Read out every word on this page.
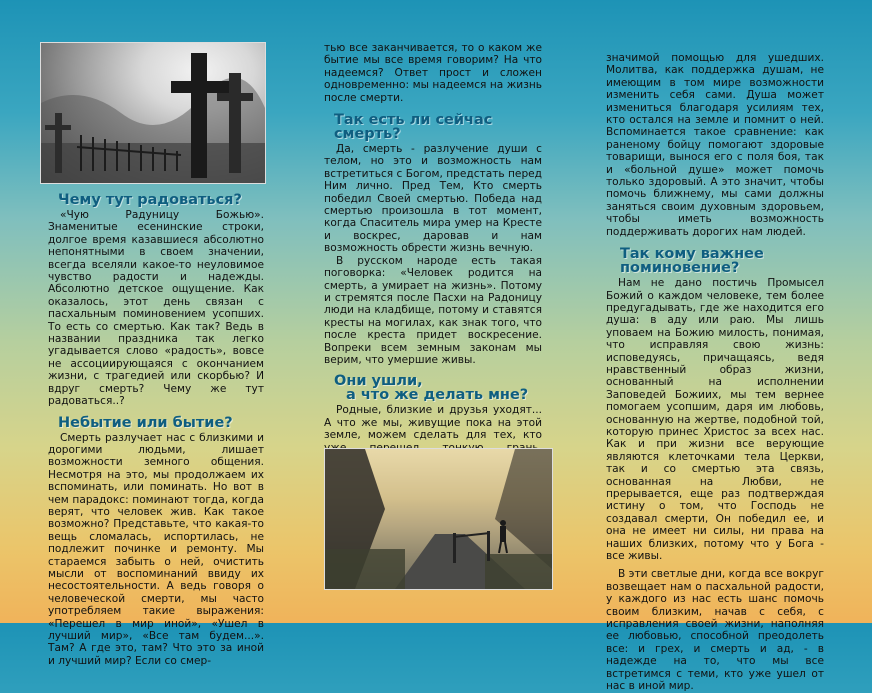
Чему тут радоваться?

«Чую Радуницу Божью». Знаменитые есенинские строки, долгое время казавшиеся абсолютно непонятными в своем значении, всегда вселяли какое-то неуловимое чувство радости и надежды. Абсолютно детское ощущение. Как оказалось, этот день связан с пасхальным поминовением усопших. То есть со смертью. Как так? Ведь в названии праздника так легко угадывается слово «радость», вовсе не ассоциирующаяся с окончанием жизни, с трагедией или скорбью? И вдруг смерть? Чему же тут радоваться..?

Небытие или бытие?

Смерть разлучает нас с близкими и дорогими людьми, лишает возможности земного общения. Несмотря на это, мы продолжаем их вспоминать, или поминать. Но вот в чем парадокс: поминают тогда, когда верят, что человек жив. Как такое возможно? Представьте, что какая-то вещь сломалась, испортилась, не подлежит починке и ремонту. Мы стараемся забыть о ней, очистить мысли от воспоминаний ввиду их несостоятельности. А ведь говоря о человеческой смерти, мы часто употребляем такие выражения: «Перешел в мир иной», «Ушел в лучший мир», «Все там будем...». Там? А где это, там? Что это за иной и лучший мир? Если со смер-

тью все заканчивается, то о каком же бытие мы все время говорим? На что надеемся? Ответ прост и сложен одновременно: мы надеемся на жизнь после смерти.

Так есть ли сейчас смерть?

Да, смерть - разлучение души с телом, но это и возможность нам встретиться с Богом, предстать перед Ним лично. Пред Тем, Кто смерть победил Своей смертью. Победа над смертью произошла в тот момент, когда Спаситель мира умер на Кресте и воскрес, даровав и нам возможность обрести жизнь вечную.

В русском народе есть такая поговорка: «Человек родится на смерть, а умирает на жизнь». Потому и стремятся после Пасхи на Радоницу люди на кладбище, потому и ставятся кресты на могилах, как знак того, что после креста придет воскресение. Вопреки всем земным законам мы верим, что умершие живы.

Они ушли,
а что же делать мне?

Родные, близкие и друзья уходят... А что же мы, живущие пока на этой земле, можем сделать для тех, кто

значимой помощью для ушедших. Молитва, как поддержка душам, не имеющим в том мире возможности изменить себя сами. Душа может измениться благодаря усилиям тех, кто остался на земле и помнит о ней. Вспоминается такое сравнение: как раненому бойцу помогают здоровые товарищи, вынося его с поля боя, так и «больной душе» может помочь только здоровый. А это значит, чтобы помочь ближнему, мы сами должны заняться своим духовным здоровьем, чтобы иметь возможность поддерживать дорогих нам людей.

Так кому важнее
поминовение?

Нам не дано постичь Промысел Божий о каждом человеке, тем более предугадывать, где же находится его душа: в аду или раю. Мы лишь уповаем на Божию милость, понимая, что исправляя свою жизнь: исповедуясь, причащаясь, ведя нравственный образ жизни, основанный на исполнении Заповедей Божиих, мы тем вернее помогаем усопшим, даря им любовь, основанную на жертве, подобной той, которую принес Христос за всех нас. Как и при жизни все верующие являются клеточками тела Церкви, так и со смертью эта связь, основанная на Любви, не прерывается, еще раз подтверждая истину о том, что Господь не создавал смерти, Он победил ее, и она не имеет ни силы, ни права на наших близких, потому что у Бога - все живы.

В эти светлые дни, когда все вокруг возвещает нам о пасхальной радости, у каждого из нас есть шанс помочь своим близким, начав с себя, с исправления своей жизни, наполняя ее любовью, способной преодолеть все: и грех, и смерть и ад, - в надежде на то, что мы все встретимся с теми, кто уже ушел от нас в иной мир.
